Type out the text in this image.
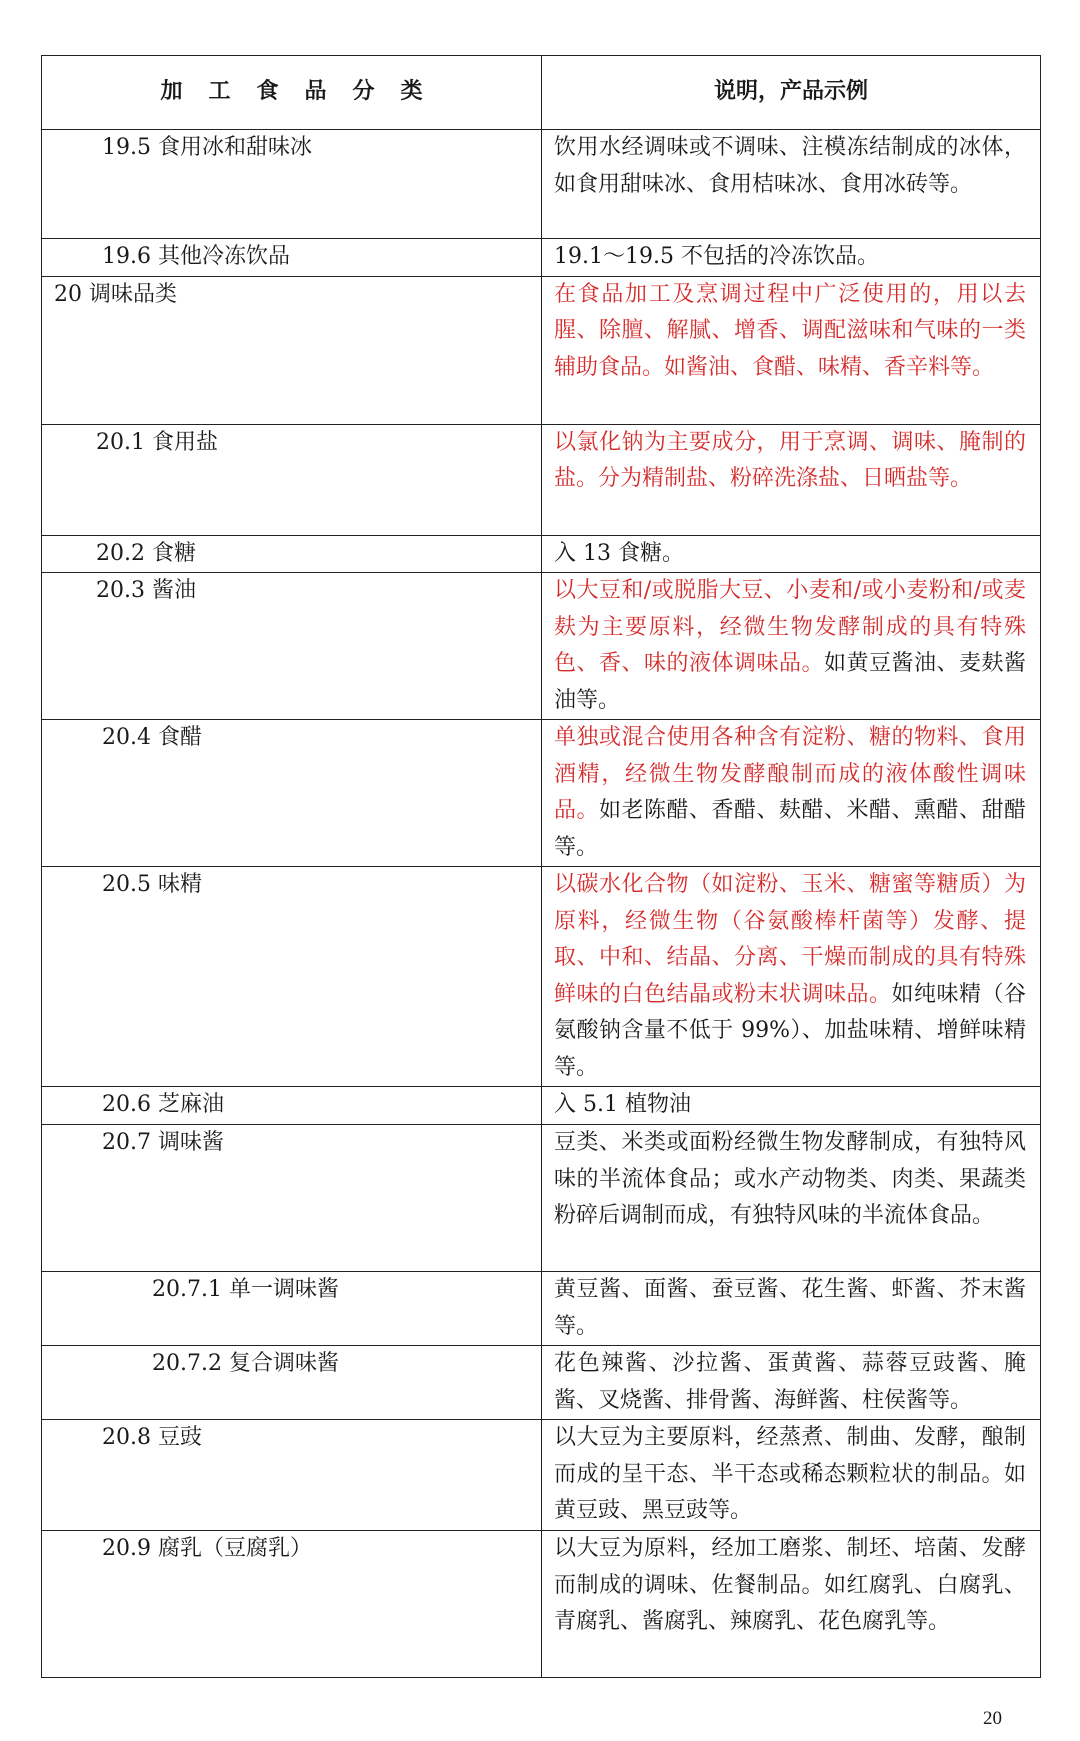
加工食品分类	说明，产品示例
19.5 食用冰和甜味冰	饮用水经调味或不调味、注模冻结制成的冰体，如食用甜味冰、食用桔味冰、食用冰砖等。
19.6 其他冷冻饮品	19.1～19.5 不包括的冷冻饮品。
20 调味品类	在食品加工及烹调过程中广泛使用的，用以去腥、除膻、解腻、增香、调配滋味和气味的一类辅助食品。如酱油、食醋、味精、香辛料等。
20.1 食用盐	以氯化钠为主要成分，用于烹调、调味、腌制的盐。分为精制盐、粉碎洗涤盐、日晒盐等。
20.2 食糖	入 13 食糖。
20.3 酱油	以大豆和/或脱脂大豆、小麦和/或小麦粉和/或麦麸为主要原料，经微生物发酵制成的具有特殊色、香、味的液体调味品。如黄豆酱油、麦麸酱油等。
20.4 食醋	单独或混合使用各种含有淀粉、糖的物料、食用酒精，经微生物发酵酿制而成的液体酸性调味品。如老陈醋、香醋、麸醋、米醋、熏醋、甜醋等。
20.5 味精	以碳水化合物（如淀粉、玉米、糖蜜等糖质）为原料，经微生物（谷氨酸棒杆菌等）发酵、提取、中和、结晶、分离、干燥而制成的具有特殊鲜味的白色结晶或粉末状调味品。如纯味精（谷氨酸钠含量不低于 99%）、加盐味精、增鲜味精等。
20.6 芝麻油	入 5.1 植物油
20.7 调味酱	豆类、米类或面粉经微生物发酵制成，有独特风味的半流体食品；或水产动物类、肉类、果蔬类粉碎后调制而成，有独特风味的半流体食品。
20.7.1 单一调味酱	黄豆酱、面酱、蚕豆酱、花生酱、虾酱、芥末酱等。
20.7.2 复合调味酱	花色辣酱、沙拉酱、蛋黄酱、蒜蓉豆豉酱、腌酱、叉烧酱、排骨酱、海鲜酱、柱侯酱等。
20.8 豆豉	以大豆为主要原料，经蒸煮、制曲、发酵，酿制而成的呈干态、半干态或稀态颗粒状的制品。如黄豆豉、黑豆豉等。
20.9 腐乳（豆腐乳）	以大豆为原料，经加工磨浆、制坯、培菌、发酵而制成的调味、佐餐制品。如红腐乳、白腐乳、青腐乳、酱腐乳、辣腐乳、花色腐乳等。
20
